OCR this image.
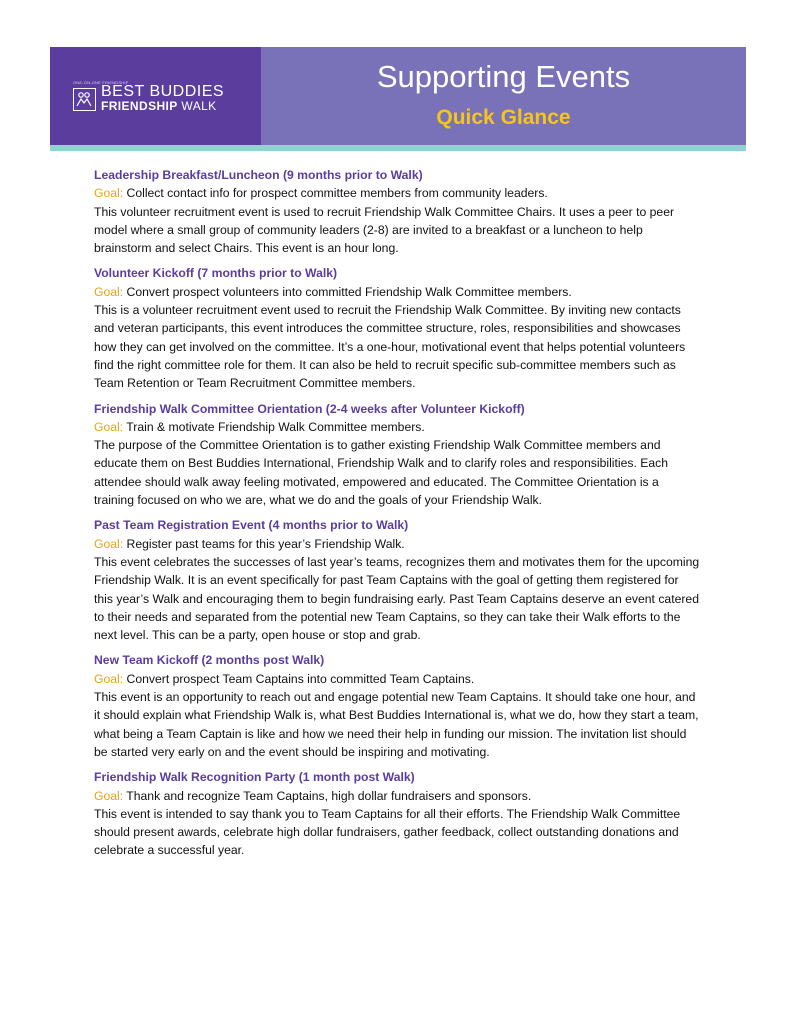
ONE-ON-ONE FRIENDSHIP
BEST BUDDIES
FRIENDSHIP WALK
Supporting Events
Quick Glance

Leadership Breakfast/Luncheon (9 months prior to Walk)

Goal: Collect contact info for prospect committee members from community leaders.

This volunteer recruitment event is used to recruit Friendship Walk Committee Chairs. It uses a peer to peer model where a small group of community leaders (2-8) are invited to a breakfast or a luncheon to help brainstorm and select Chairs. This event is an hour long.

Volunteer Kickoff (7 months prior to Walk)

Goal: Convert prospect volunteers into committed Friendship Walk Committee members.

This is a volunteer recruitment event used to recruit the Friendship Walk Committee. By inviting new contacts and veteran participants, this event introduces the committee structure, roles, responsibilities and showcases how they can get involved on the committee. It’s a one-hour, motivational event that helps potential volunteers find the right committee role for them. It can also be held to recruit specific sub-committee members such as Team Retention or Team Recruitment Committee members.

Friendship Walk Committee Orientation (2-4 weeks after Volunteer Kickoff)

Goal: Train & motivate Friendship Walk Committee members.

The purpose of the Committee Orientation is to gather existing Friendship Walk Committee members and educate them on Best Buddies International, Friendship Walk and to clarify roles and responsibilities. Each attendee should walk away feeling motivated, empowered and educated. The Committee Orientation is a training focused on who we are, what we do and the goals of your Friendship Walk.

Past Team Registration Event (4 months prior to Walk)

Goal: Register past teams for this year’s Friendship Walk.

This event celebrates the successes of last year’s teams, recognizes them and motivates them for the upcoming Friendship Walk. It is an event specifically for past Team Captains with the goal of getting them registered for this year’s Walk and encouraging them to begin fundraising early. Past Team Captains deserve an event catered to their needs and separated from the potential new Team Captains, so they can take their Walk efforts to the next level. This can be a party, open house or stop and grab.

New Team Kickoff (2 months post Walk)

Goal: Convert prospect Team Captains into committed Team Captains.

This event is an opportunity to reach out and engage potential new Team Captains. It should take one hour, and it should explain what Friendship Walk is, what Best Buddies International is, what we do, how they start a team, what being a Team Captain is like and how we need their help in funding our mission. The invitation list should be started very early on and the event should be inspiring and motivating.

Friendship Walk Recognition Party (1 month post Walk)

Goal: Thank and recognize Team Captains, high dollar fundraisers and sponsors.

This event is intended to say thank you to Team Captains for all their efforts. The Friendship Walk Committee should present awards, celebrate high dollar fundraisers, gather feedback, collect outstanding donations and celebrate a successful year.
